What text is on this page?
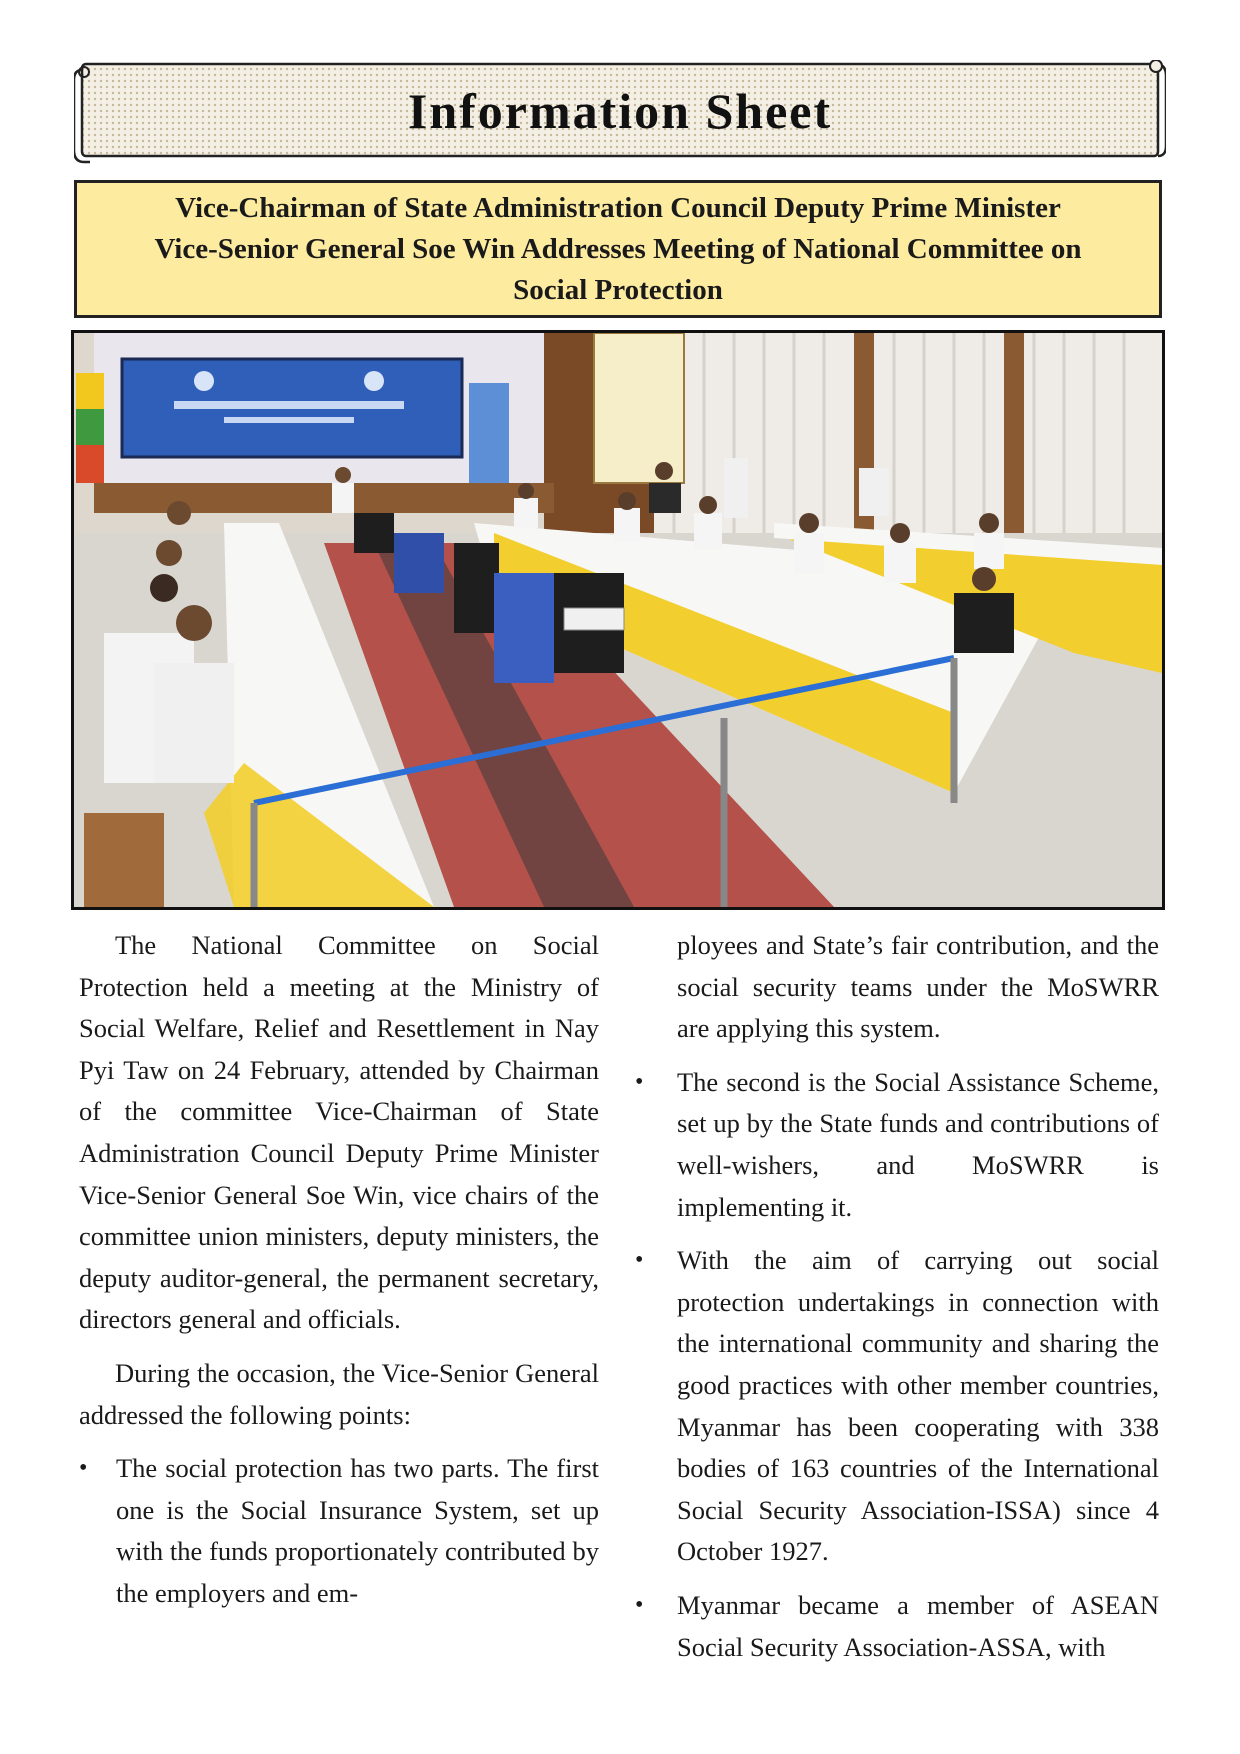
Information Sheet
Vice-Chairman of State Administration Council Deputy Prime Minister
Vice-Senior General Soe Win Addresses Meeting of National Committee on
Social Protection

The National Committee on Social Protection held a meeting at the Ministry of Social Welfare, Relief and Resettlement in Nay Pyi Taw on 24 February, attended by Chairman of the committee Vice-Chairman of State Administration Council Deputy Prime Minister Vice-Senior General Soe Win, vice chairs of the committee union ministers, deputy ministers, the deputy auditor-general, the permanent secretary, directors general and officials.

During the occasion, the Vice-Senior General addressed the following points:

• The social protection has two parts. The first one is the Social Insurance System, set up with the funds proportionately contributed by the employers and em-

ployees and State’s fair contribution, and the social security teams under the MoSWRR are applying this system.

• The second is the Social Assistance Scheme, set up by the State funds and contributions of well-wishers, and MoSWRR is implementing it.
• With the aim of carrying out social protection undertakings in connection with the international community and sharing the good practices with other member countries, Myanmar has been cooperating with 338 bodies of 163 countries of the International Social Security Association-ISSA) since 4 October 1927.
• Myanmar became a member of ASEAN Social Security Association-ASSA, with
